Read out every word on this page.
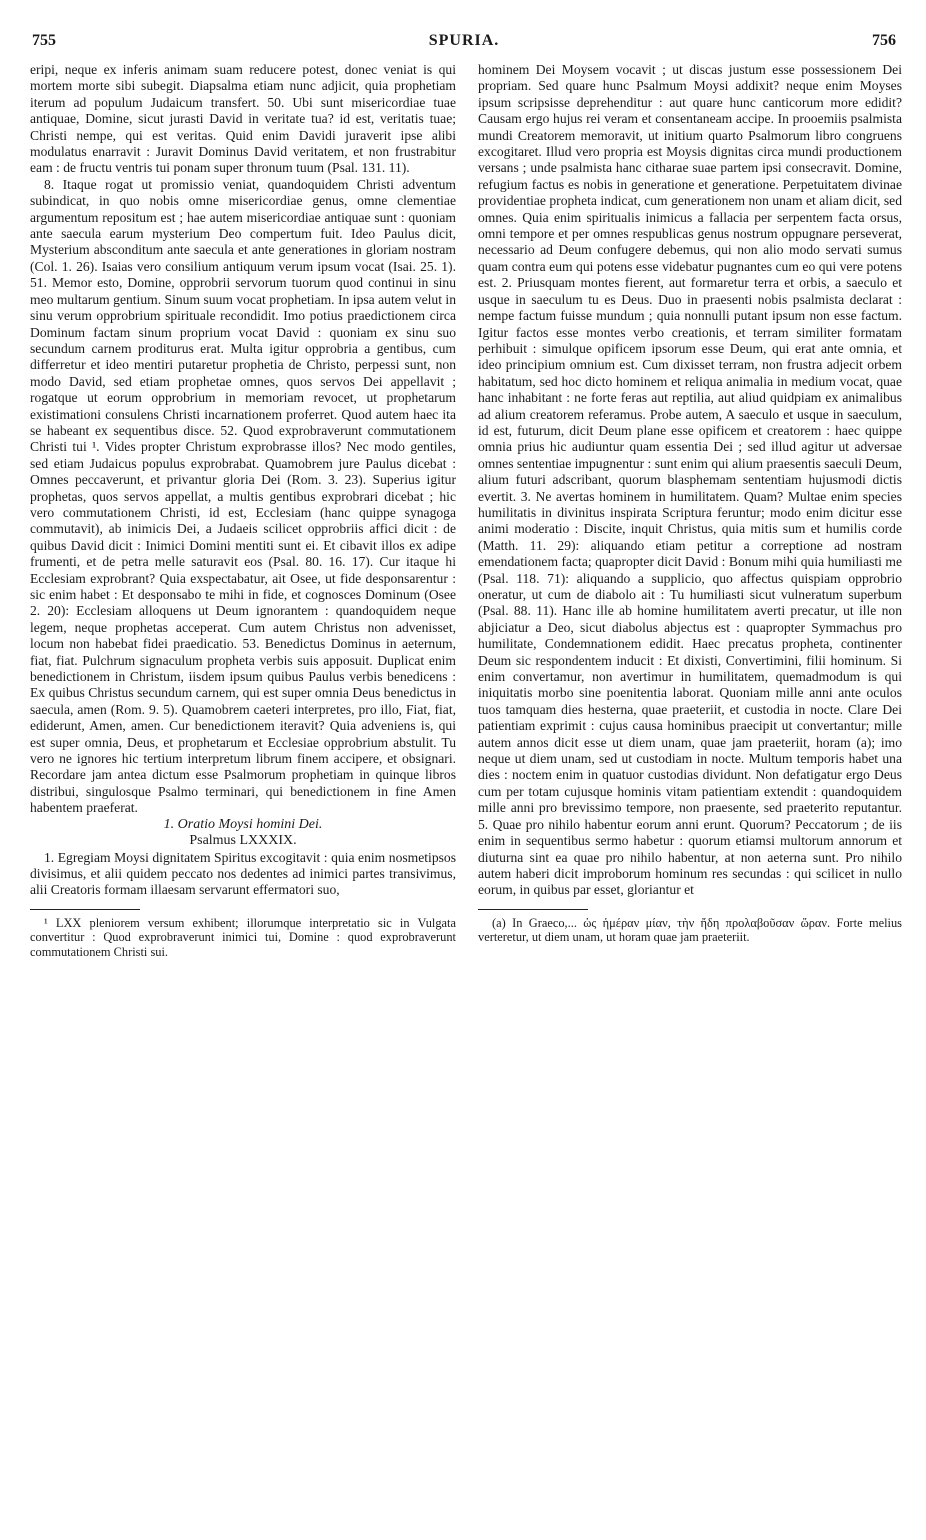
755	SPURIA.	756

eripi, neque ex inferis animam suam reducere potest, donec veniat is qui mortem morte sibi subegit. Diapsalma etiam nunc adjicit, quia prophetiam iterum ad populum Judaicum transfert. 50. Ubi sunt misericordiae tuae antiquae, Domine, sicut jurasti David in veritate tua? id est, veritatis tuae; Christi nempe, qui est veritas. Quid enim Davidi juraverit ipse alibi modulatus enarravit : Juravit Dominus David veritatem, et non frustrabitur eam : de fructu ventris tui ponam super thronum tuum (Psal. 131. 11).

8. Itaque rogat ut promissio veniat, quandoquidem Christi adventum subindicat, in quo nobis omne misericordiae genus, omne clementiae argumentum repositum est ; hae autem misericordiae antiquae sunt : quoniam ante saecula earum mysterium Deo compertum fuit. Ideo Paulus dicit, Mysterium absconditum ante saecula et ante generationes in gloriam nostram (Col. 1. 26). Isaias vero consilium antiquum verum ipsum vocat (Isai. 25. 1). 51. Memor esto, Domine, opprobrii servorum tuorum quod continui in sinu meo multarum gentium. Sinum suum vocat prophetiam. In ipsa autem velut in sinu verum opprobrium spirituale recondidit. Imo potius praedictionem circa Dominum factam sinum proprium vocat David : quoniam ex sinu suo secundum carnem proditurus erat. Multa igitur opprobria a gentibus, cum differretur et ideo mentiri putaretur prophetia de Christo, perpessi sunt, non modo David, sed etiam prophetae omnes, quos servos Dei appellavit ; rogatque ut eorum opprobrium in memoriam revocet, ut prophetarum existimationi consulens Christi incarnationem proferret. Quod autem haec ita se habeant ex sequentibus disce. 52. Quod exprobraverunt commutationem Christi tui ¹. Vides propter Christum exprobrasse illos? Nec modo gentiles, sed etiam Judaicus populus exprobrabat. Quamobrem jure Paulus dicebat : Omnes peccaverunt, et privantur gloria Dei (Rom. 3. 23). Superius igitur prophetas, quos servos appellat, a multis gentibus exprobrari dicebat ; hic vero commutationem Christi, id est, Ecclesiam (hanc quippe synagoga commutavit), ab inimicis Dei, a Judaeis scilicet opprobriis affici dicit : de quibus David dicit : Inimici Domini mentiti sunt ei. Et cibavit illos ex adipe frumenti, et de petra melle saturavit eos (Psal. 80. 16. 17). Cur itaque hi Ecclesiam exprobrant? Quia exspectabatur, ait Osee, ut fide desponsarentur : sic enim habet : Et desponsabo te mihi in fide, et cognosces Dominum (Osee 2. 20): Ecclesiam alloquens ut Deum ignorantem : quandoquidem neque legem, neque prophetas acceperat. Cum autem Christus non advenisset, locum non habebat fidei praedicatio. 53. Benedictus Dominus in aeternum, fiat, fiat. Pulchrum signaculum propheta verbis suis apposuit. Duplicat enim benedictionem in Christum, iisdem ipsum quibus Paulus verbis benedicens : Ex quibus Christus secundum carnem, qui est super omnia Deus benedictus in saecula, amen (Rom. 9. 5). Quamobrem caeteri interpretes, pro illo, Fiat, fiat, ediderunt, Amen, amen. Cur benedictionem iteravit? Quia adveniens is, qui est super omnia, Deus, et prophetarum et Ecclesiae opprobrium abstulit. Tu vero ne ignores hic tertium interpretum librum finem accipere, et obsignari. Recordare jam antea dictum esse Psalmorum prophetiam in quinque libros distribui, singulosque Psalmo terminari, qui benedictionem in fine Amen habentem praeferat.

1. Oratio Moysi homini Dei.

Psalmus LXXXIX.

1. Egregiam Moysi dignitatem Spiritus excogitavit : quia enim nosmetipsos divisimus, et alii quidem peccato nos dedentes ad inimici partes transivimus, alii Creatoris formam illaesam servarunt effermatori suo,

¹ LXX pleniorem versum exhibent; illorumque interpretatio sic in Vulgata convertitur : Quod exprobraverunt inimici tui, Domine : quod exprobraverunt commutationem Christi sui.

hominem Dei Moysem vocavit ; ut discas justum esse possessionem Dei propriam. Sed quare hunc Psalmum Moysi addixit? neque enim Moyses ipsum scripsisse deprehenditur : aut quare hunc canticorum more edidit? Causam ergo hujus rei veram et consentaneam accipe. In prooemiis psalmista mundi Creatorem memoravit, ut initium quarto Psalmorum libro congruens excogitaret. Illud vero propria est Moysis dignitas circa mundi productionem versans ; unde psalmista hanc citharae suae partem ipsi consecravit. Domine, refugium factus es nobis in generatione et generatione. Perpetuitatem divinae providentiae propheta indicat, cum generationem non unam et aliam dicit, sed omnes. Quia enim spiritualis inimicus a fallacia per serpentem facta orsus, omni tempore et per omnes respublicas genus nostrum oppugnare perseverat, necessario ad Deum confugere debemus, qui non alio modo servati sumus quam contra eum qui potens esse videbatur pugnantes cum eo qui vere potens est. 2. Priusquam montes fierent, aut formaretur terra et orbis, a saeculo et usque in saeculum tu es Deus. Duo in praesenti nobis psalmista declarat : nempe factum fuisse mundum ; quia nonnulli putant ipsum non esse factum. Igitur factos esse montes verbo creationis, et terram similiter formatam perhibuit : simulque opificem ipsorum esse Deum, qui erat ante omnia, et ideo principium omnium est. Cum dixisset terram, non frustra adjecit orbem habitatum, sed hoc dicto hominem et reliqua animalia in medium vocat, quae hanc inhabitant : ne forte feras aut reptilia, aut aliud quidpiam ex animalibus ad alium creatorem referamus. Probe autem, A saeculo et usque in saeculum, id est, futurum, dicit Deum plane esse opificem et creatorem : haec quippe omnia prius hic audiuntur quam essentia Dei ; sed illud agitur ut adversae omnes sententiae impugnentur : sunt enim qui alium praesentis saeculi Deum, alium futuri adscribant, quorum blasphemam sententiam hujusmodi dictis evertit. 3. Ne avertas hominem in humilitatem. Quam? Multae enim species humilitatis in divinitus inspirata Scriptura feruntur; modo enim dicitur esse animi moderatio : Discite, inquit Christus, quia mitis sum et humilis corde (Matth. 11. 29): aliquando etiam petitur a correptione ad nostram emendationem facta; quapropter dicit David : Bonum mihi quia humiliasti me (Psal. 118. 71): aliquando a supplicio, quo affectus quispiam opprobrio oneratur, ut cum de diabolo ait : Tu humiliasti sicut vulneratum superbum (Psal. 88. 11). Hanc ille ab homine humilitatem averti precatur, ut ille non abjiciatur a Deo, sicut diabolus abjectus est : quapropter Symmachus pro humilitate, Condemnationem edidit. Haec precatus propheta, continenter Deum sic respondentem inducit : Et dixisti, Convertimini, filii hominum. Si enim convertamur, non avertimur in humilitatem, quemadmodum is qui iniquitatis morbo sine poenitentia laborat. Quoniam mille anni ante oculos tuos tamquam dies hesterna, quae praeteriit, et custodia in nocte. Clare Dei patientiam exprimit : cujus causa hominibus praecipit ut convertantur; mille autem annos dicit esse ut diem unam, quae jam praeteriit, horam (a); imo neque ut diem unam, sed ut custodiam in nocte. Multum temporis habet una dies : noctem enim in quatuor custodias dividunt. Non defatigatur ergo Deus cum per totam cujusque hominis vitam patientiam extendit : quandoquidem mille anni pro brevissimo tempore, non praesente, sed praeterito reputantur. 5. Quae pro nihilo habentur eorum anni erunt. Quorum? Peccatorum ; de iis enim in sequentibus sermo habetur : quorum etiamsi multorum annorum et diuturna sint ea quae pro nihilo habentur, at non aeterna sunt. Pro nihilo autem haberi dicit improborum hominum res secundas : qui scilicet in nullo eorum, in quibus par esset, gloriantur et

(a) In Graeco,... ὡς ἡμέραν μίαν, τὴν ἤδη προλαβοῦσαν ὥραν. Forte melius verteretur, ut diem unam, ut horam quae jam praeteriit.
